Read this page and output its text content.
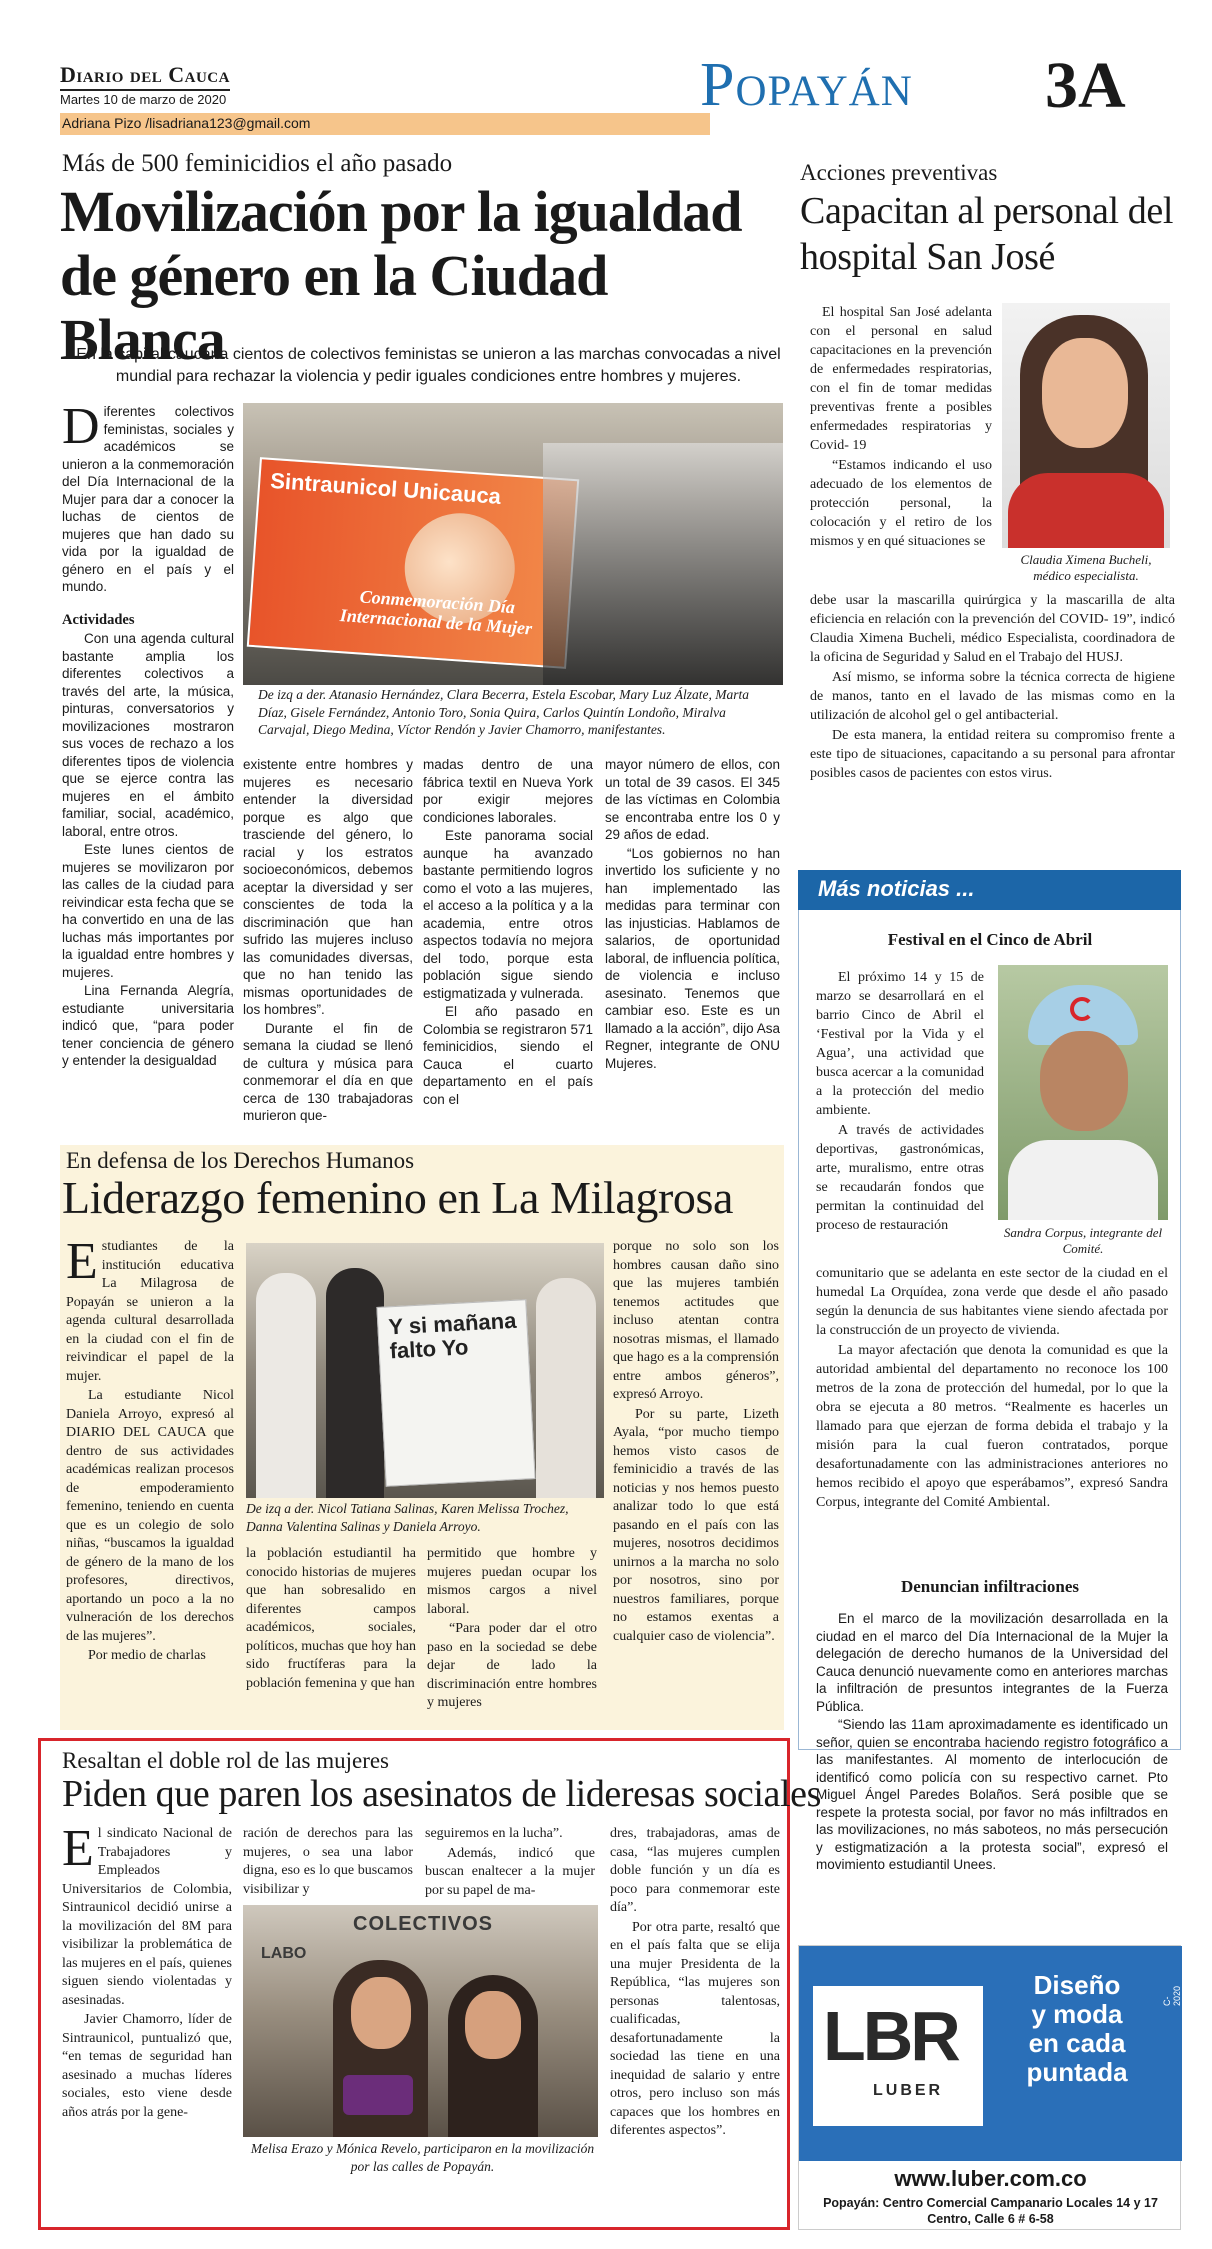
Diario del Cauca
Martes 10 de marzo de 2020
Adriana Pizo /lisadriana123@gmail.com
Popayán 3A
Más de 500 feminicidios el año pasado
Movilización por la igualdad de género en la Ciudad Blanca
En la capital caucana cientos de colectivos feministas se unieron a las marchas convocadas a nivel mundial para rechazar la violencia y pedir iguales condiciones entre hombres y mujeres.

Diferentes colectivos feministas, sociales y académicos se unieron a la conmemoración del Día Internacional de la Mujer para dar a conocer la luchas de cientos de mujeres que han dado su vida por la igualdad de género en el país y el mundo.

Actividades

Con una agenda cultural bastante amplia los diferentes colectivos a través del arte, la música, pinturas, conversatorios y movilizaciones mostraron sus voces de rechazo a los diferentes tipos de violencia que se ejerce contra las mujeres en el ámbito familiar, social, académico, laboral, entre otros.

Este lunes cientos de mujeres se movilizaron por las calles de la ciudad para reivindicar esta fecha que se ha convertido en una de las luchas más importantes por la igualdad entre hombres y mujeres.

Lina Fernanda Alegría, estudiante universitaria indicó que, “para poder tener conciencia de género y entender la desigualdad

Sintraunicol Unicauca
Conmemoración Día Internacional de la Mujer
De izq a der. Atanasio Hernández, Clara Becerra, Estela Escobar, Mary Luz Álzate, Marta Díaz, Gisele Fernández, Antonio Toro, Sonia Quira, Carlos Quintín Londoño, Miralva Carvajal, Diego Medina, Víctor Rendón y Javier Chamorro, manifestantes.

existente entre hombres y mujeres es necesario entender la diversidad porque es algo que trasciende del género, lo racial y los estratos socioeconómicos, debemos aceptar la diversidad y ser conscientes de toda la discriminación que han sufrido las mujeres incluso las comunidades diversas, que no han tenido las mismas oportunidades de los hombres”.

Durante el fin de semana la ciudad se llenó de cultura y música para conmemorar el día en que cerca de 130 trabajadoras murieron que-

madas dentro de una fábrica textil en Nueva York por exigir mejores condiciones laborales.

Este panorama social aunque ha avanzado bastante permitiendo logros como el voto a las mujeres, el acceso a la política y a la academia, entre otros aspectos todavía no mejora del todo, porque esta población sigue siendo estigmatizada y vulnerada.

El año pasado en Colombia se registraron 571 feminicidios, siendo el Cauca el cuarto departamento en el país con el

mayor número de ellos, con un total de 39 casos. El 345 de las víctimas en Colombia se encontraba entre los 0 y 29 años de edad.

“Los gobiernos no han invertido los suficiente y no han implementado las medidas para terminar con las injusticias. Hablamos de salarios, de oportunidad laboral, de influencia política, de violencia e incluso asesinato. Tenemos que cambiar eso. Este es un llamado a la acción”, dijo Asa Regner, integrante de ONU Mujeres.

Acciones preventivas
Capacitan al personal del hospital San José

El hospital San José adelanta con el personal en salud capacitaciones en la prevención de enfermedades respiratorias, con el fin de tomar medidas preventivas frente a posibles enfermedades respiratorias y Covid- 19

“Estamos indicando el uso adecuado de los elementos de protección personal, la colocación y el retiro de los mismos y en qué situaciones se

Claudia Ximena Bucheli, médico especialista.

debe usar la mascarilla quirúrgica y la mascarilla de alta eficiencia en relación con la prevención del COVID- 19”, indicó Claudia Ximena Bucheli, médico Especialista, coordinadora de la oficina de Seguridad y Salud en el Trabajo del HUSJ.

Así mismo, se informa sobre la técnica correcta de higiene de manos, tanto en el lavado de las mismas como en la utilización de alcohol gel o gel antibacterial.

De esta manera, la entidad reitera su compromiso frente a este tipo de situaciones, capacitando a su personal para afrontar posibles casos de pacientes con estos virus.

Más noticias ...
Festival en el Cinco de Abril

El próximo 14 y 15 de marzo se desarrollará en el barrio Cinco de Abril el ‘Festival por la Vida y el Agua’, una actividad que busca acercar a la comunidad a la protección del medio ambiente.

A través de actividades deportivas, gastronómicas, arte, muralismo, entre otras se recaudarán fondos que permitan la continuidad del proceso de restauración	Sandra Corpus, integrante del Comité.

comunitario que se adelanta en este sector de la ciudad en el humedal La Orquídea, zona verde que desde el año pasado según la denuncia de sus habitantes viene siendo afectada por la construcción de un proyecto de vivienda.

La mayor afectación que denota la comunidad es que la autoridad ambiental del departamento no reconoce los 100 metros de la zona de protección del humedal, por lo que la obra se ejecuta a 80 metros. “Realmente es hacerles un llamado para que ejerzan de forma debida el trabajo y la misión para la cual fueron contratados, porque desafortunadamente con las administraciones anteriores no hemos recibido el apoyo que esperábamos”, expresó Sandra Corpus, integrante del Comité Ambiental.

Denuncian infiltraciones

En el marco de la movilización desarrollada en la ciudad en el marco del Día Internacional de la Mujer la delegación de derecho humanos de la Universidad del Cauca denunció nuevamente como en anteriores marchas la infiltración de presuntos integrantes de la Fuerza Pública.

“Siendo las 11am aproximadamente es identificado un señor, quien se encontraba haciendo registro fotográfico a las manifestantes. Al momento de interlocución de identificó como policía con su respectivo carnet. Pto Miguel Ángel Paredes Bolaños. Será posible que se respete la protesta social, por favor no más infiltrados en las movilizaciones, no más saboteos, no más persecución y estigmatización a la protesta social”, expresó el movimiento estudiantil Unees.

LBR
LUBER
Diseño
y moda
en cada
puntada
C-2020
www.luber.com.co
Popayán: Centro Comercial Campanario Locales 14 y 17
Centro, Calle 6 # 6-58
En defensa de los Derechos Humanos
Liderazgo femenino en La Milagrosa

Estudiantes de la institución educativa La Milagrosa de Popayán se unieron a la agenda cultural desarrollada en la ciudad con el fin de reivindicar el papel de la mujer.

La estudiante Nicol Daniela Arroyo, expresó al DIARIO DEL CAUCA que dentro de sus actividades académicas realizan procesos de empoderamiento femenino, teniendo en cuenta que es un colegio de solo niñas, “buscamos la igualdad de género de la mano de los profesores, directivos, aportando un poco a la no vulneración de los derechos de las mujeres”.

Por medio de charlas

Y si mañana falto Yo
De izq a der. Nicol Tatiana Salinas, Karen Melissa Trochez, Danna Valentina Salinas y Daniela Arroyo.

la población estudiantil ha conocido historias de mujeres que han sobresalido en diferentes campos académicos, sociales, políticos, muchas que hoy han sido fructíferas para la población femenina y que han

permitido que hombre y mujeres puedan ocupar los mismos cargos a nivel laboral.

“Para poder dar el otro paso en la sociedad se debe dejar de lado la discriminación entre hombres y mujeres

porque no solo son los hombres causan daño sino que las mujeres también tenemos actitudes que incluso atentan contra nosotras mismas, el llamado que hago es a la comprensión entre ambos géneros”, expresó Arroyo.

Por su parte, Lizeth Ayala, “por mucho tiempo hemos visto casos de feminicidio a través de las noticias y nos hemos puesto analizar todo lo que está pasando en el país con las mujeres, nosotros decidimos unirnos a la marcha no solo por nosotros, sino por nuestros familiares, porque no estamos exentas a cualquier caso de violencia”.

Resaltan el doble rol de las mujeres
Piden que paren los asesinatos de lideresas sociales

El sindicato Nacional de Trabajadores y Empleados Universitarios de Colombia, Sintraunicol decidió unirse a la movilización del 8M para visibilizar la problemática de las mujeres en el país, quienes siguen siendo violentadas y asesinadas.

Javier Chamorro, líder de Sintraunicol, puntualizó que, “en temas de seguridad han asesinado a muchas líderes sociales, esto viene desde años atrás por la gene-

ración de derechos para las mujeres, o sea una labor digna, eso es lo que buscamos visibilizar y

seguiremos en la lucha”.

Además, indicó que buscan enaltecer a la mujer por su papel de ma-

COLECTIVOS
LABO
Melisa Erazo y Mónica Revelo, participaron en la movilización por las calles de Popayán.

dres, trabajadoras, amas de casa, “las mujeres cumplen doble función y un día es poco para conmemorar este día”.

Por otra parte, resaltó que en el país falta que se elija una mujer Presidenta de la República, “las mujeres son personas talentosas, cualificadas, desafortunadamente la sociedad las tiene en una inequidad de salario y entre otros, pero incluso son más capaces que los hombres en diferentes aspectos”.
